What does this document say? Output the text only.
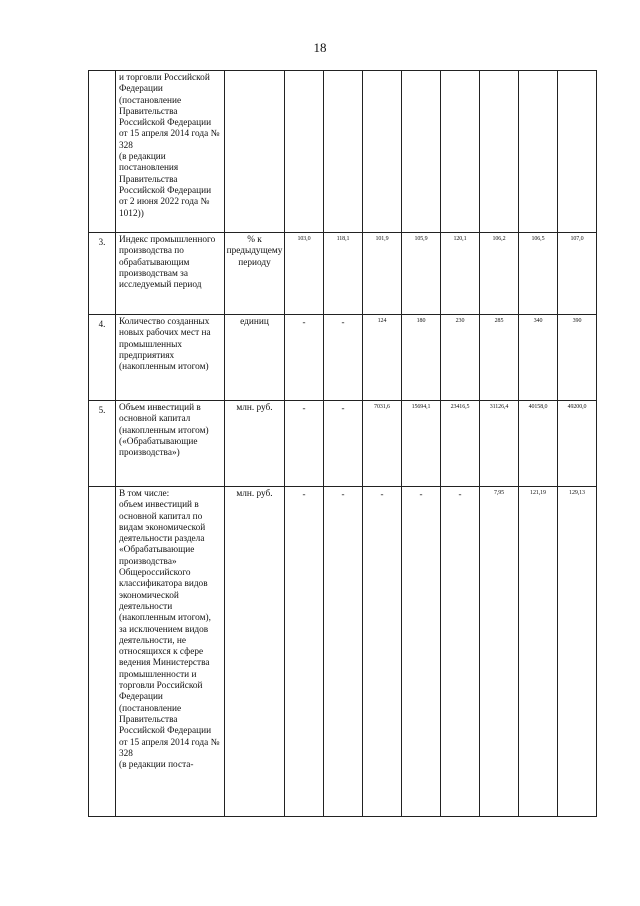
18
	и торговли Российской Федерации
(постановление Правительства Российской Федерации от 15 апреля 2014 года № 328
(в редакции постановления Правительства Российской Федерации от 2 июня 2022 года № 1012))									
3.	Индекс промышленного производства по обрабатывающим производствам за исследуемый период	% к предыдущему периоду	103,0	118,1	101,9	105,9	120,1	106,2	106,5	107,0
4.	Количество созданных новых рабочих мест на промышленных предприятиях (накопленным итогом)	единиц	-	-	124	180	230	285	340	390
5.	Объем инвестиций в основной капитал (накопленным итогом) («Обрабатывающие производства»)	млн. руб.	-	-	7031,6	15694,1	23416,5	31126,4	40158,0	49200,0
	В том числе:
объем инвестиций в основной капитал по видам экономической деятельности раздела «Обрабатывающие производства» Общероссийского классификатора видов экономической деятельности (накопленным итогом), за исключением видов деятельности, не относящихся к сфере ведения Министерства промышленности и торговли Российской Федерации (постановление Правительства Российской Федерации от 15 апреля 2014 года № 328
(в редакции поста-	млн. руб.	-	-	-	-	-	7,95	121,19	129,13
